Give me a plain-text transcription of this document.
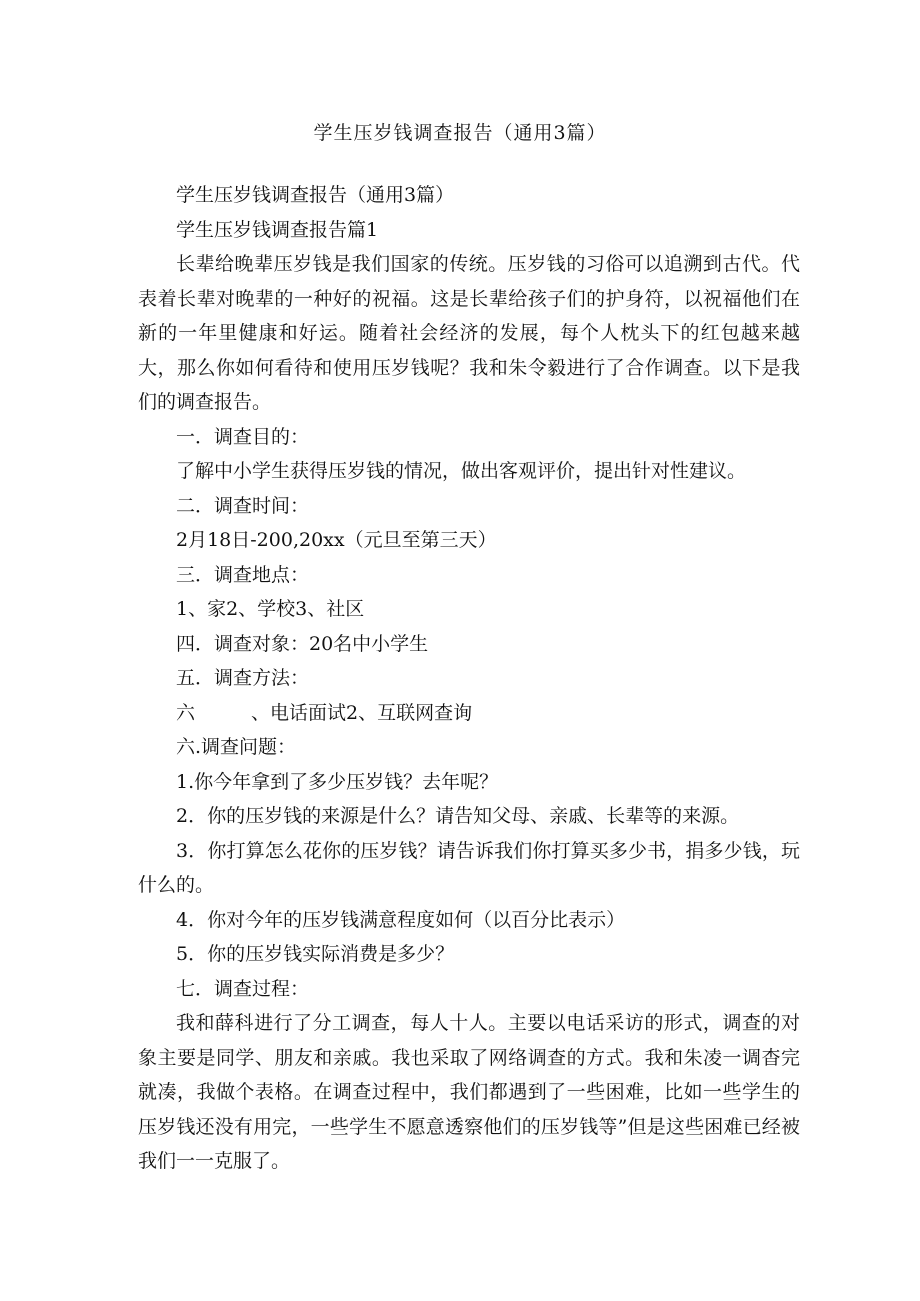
学生压岁钱调查报告（通用3篇）

学生压岁钱调查报告（通用3篇）

学生压岁钱调查报告篇1

长辈给晚辈压岁钱是我们国家的传统。压岁钱的习俗可以追溯到古代。代表着长辈对晚辈的一种好的祝福。这是长辈给孩子们的护身符，以祝福他们在新的一年里健康和好运。随着社会经济的发展，每个人枕头下的红包越来越大，那么你如何看待和使用压岁钱呢？我和朱令毅进行了合作调查。以下是我们的调查报告。

一．调查目的：

了解中小学生获得压岁钱的情况，做出客观评价，提出针对性建议。

二．调查时间：

2月18日-200,20xx（元旦至第三天）

三．调查地点：

1、家2、学校3、社区

四．调查对象：20名中小学生

五．调查方法：

六	、电话面试2、互联网查询

六.调查问题：

1.你今年拿到了多少压岁钱？去年呢？

2．你的压岁钱的来源是什么？请告知父母、亲戚、长辈等的来源。

3．你打算怎么花你的压岁钱？请告诉我们你打算买多少书，捐多少钱，玩什么的。

4．你对今年的压岁钱满意程度如何（以百分比表示）

5．你的压岁钱实际消费是多少？

七．调查过程：

我和薛科进行了分工调查，每人十人。主要以电话采访的形式，调查的对象主要是同学、朋友和亲戚。我也采取了网络调查的方式。我和朱凌一调杳完就凑，我做个表格。在调查过程中，我们都遇到了一些困难，比如一些学生的压岁钱还没有用完，一些学生不愿意透察他们的压岁钱等”但是这些困难已经被我们一一克服了。
